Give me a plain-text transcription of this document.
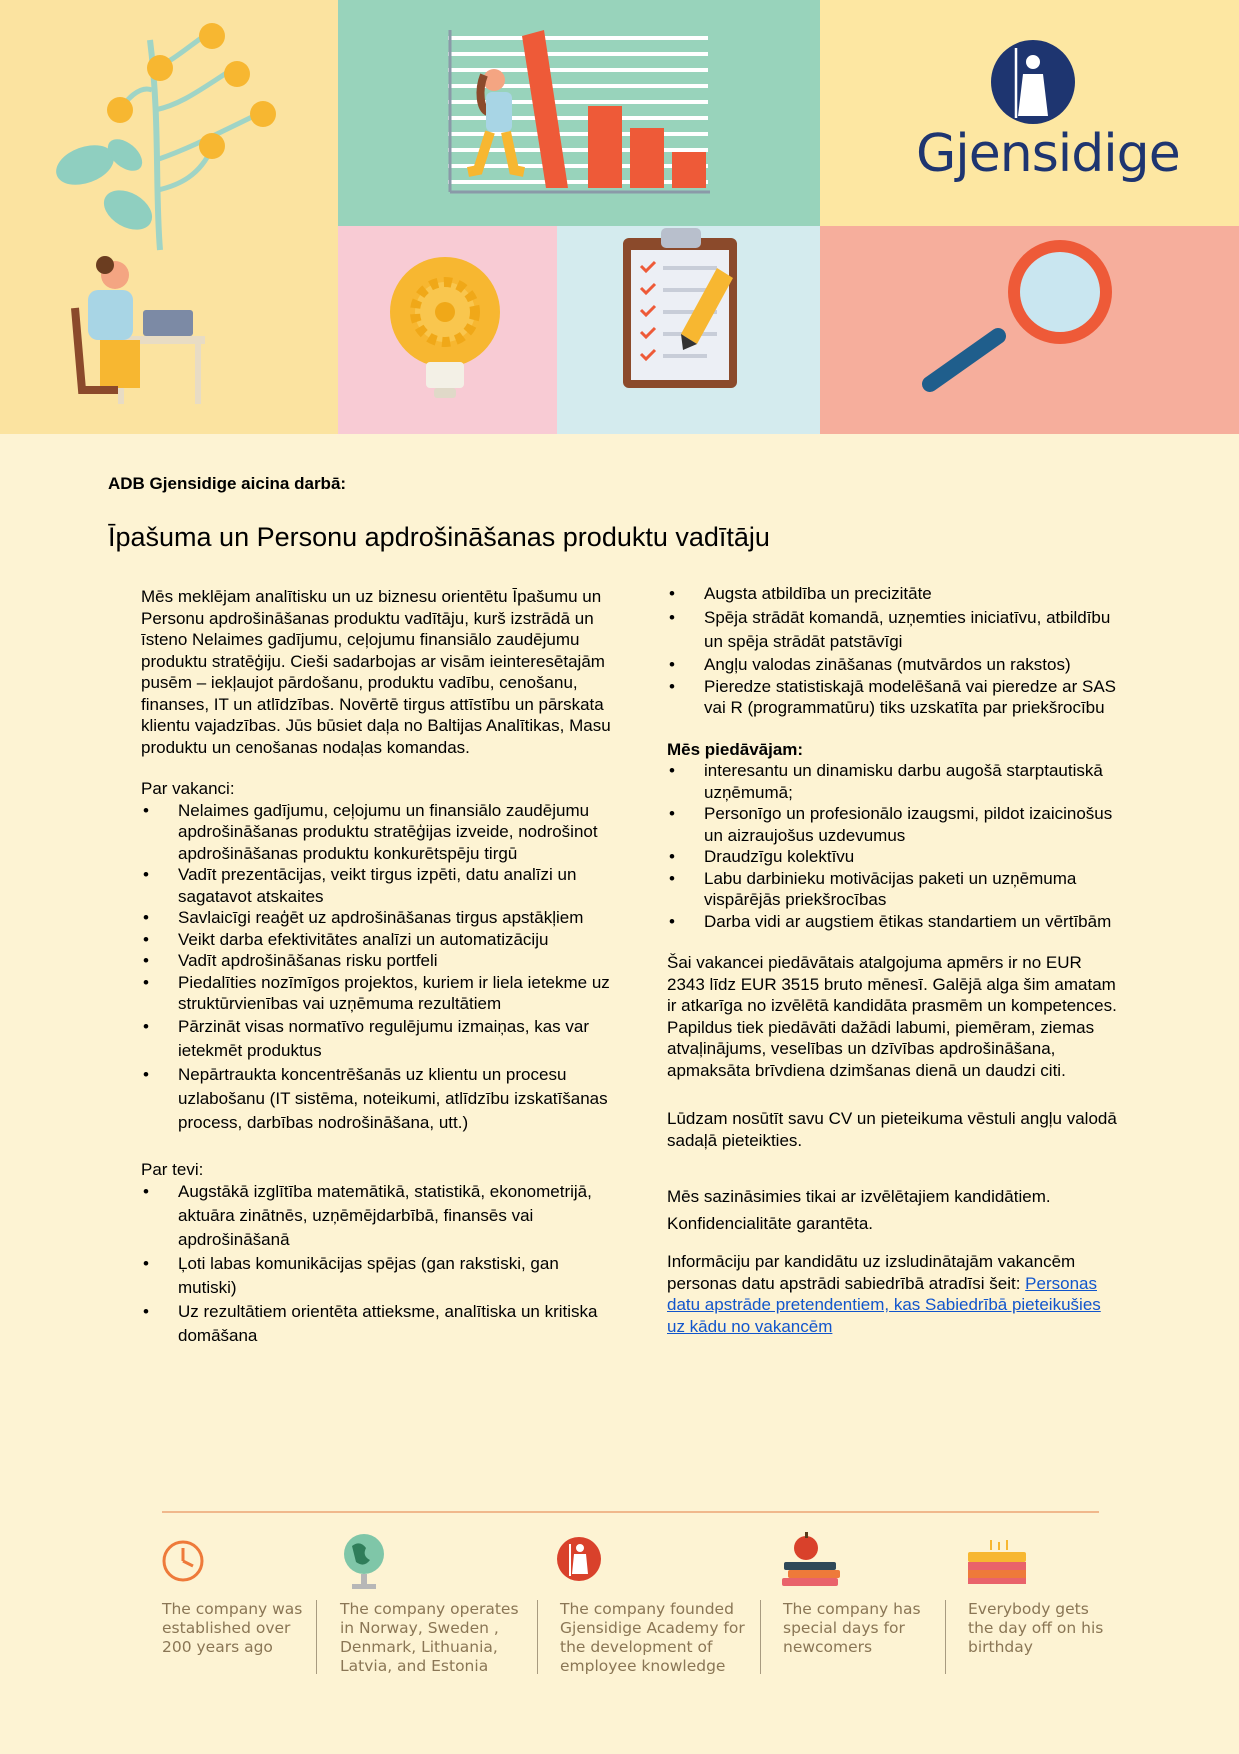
Gjensidige
ADB Gjensidige aicina darbā:
Īpašuma un Personu apdrošināšanas produktu vadītāju

Mēs meklējam analītisku un uz biznesu orientētu Īpašumu un Personu apdrošināšanas produktu vadītāju, kurš izstrādā un īsteno Nelaimes gadījumu, ceļojumu finansiālo zaudējumu produktu stratēģiju. Cieši sadarbojas ar visām ieinteresētajām pusēm – iekļaujot pārdošanu, produktu vadību, cenošanu, finanses, IT un atlīdzības. Novērtē tirgus attīstību un pārskata klientu vajadzības. Jūs būsiet daļa no Baltijas Analītikas, Masu produktu un cenošanas nodaļas komandas.

Par vakanci:

• Nelaimes gadījumu, ceļojumu un finansiālo zaudējumu apdrošināšanas produktu stratēģijas izveide, nodrošinot apdrošināšanas produktu konkurētspēju tirgū
• Vadīt prezentācijas, veikt tirgus izpēti, datu analīzi un sagatavot atskaites
• Savlaicīgi reaģēt uz apdrošināšanas tirgus apstākļiem
• Veikt darba efektivitātes analīzi un automatizāciju
• Vadīt apdrošināšanas risku portfeli
• Piedalīties nozīmīgos projektos, kuriem ir liela ietekme uz struktūrvienības vai uzņēmuma rezultātiem
• Pārzināt visas normatīvo regulējumu izmaiņas, kas var ietekmēt produktus
• Nepārtraukta koncentrēšanās uz klientu un procesu uzlabošanu (IT sistēma, noteikumi, atlīdzību izskatīšanas process, darbības nodrošināšana, utt.)

Par tevi:

• Augstākā izglītība matemātikā, statistikā, ekonometrijā, aktuāra zinātnēs, uzņēmējdarbībā, finansēs vai apdrošināšanā
• Ļoti labas komunikācijas spējas (gan rakstiski, gan mutiski)
• Uz rezultātiem orientēta attieksme, analītiska un kritiska domāšana
• Augsta atbildība un precizitāte
• Spēja strādāt komandā, uzņemties iniciatīvu, atbildību un spēja strādāt patstāvīgi
• Angļu valodas zināšanas (mutvārdos un rakstos)
• Pieredze statistiskajā modelēšanā vai pieredze ar SAS vai R (programmatūru) tiks uzskatīta par priekšrocību

Mēs piedāvājam:

• interesantu un dinamisku darbu augošā starptautiskā uzņēmumā;
• Personīgo un profesionālo izaugsmi, pildot izaicinošus un aizraujošus uzdevumus
• Draudzīgu kolektīvu
• Labu darbinieku motivācijas paketi un uzņēmuma vispārējās priekšrocības
• Darba vidi ar augstiem ētikas standartiem un vērtībām

Šai vakancei piedāvātais atalgojuma apmērs ir no EUR 2343 līdz EUR 3515 bruto mēnesī. Galējā alga šim amatam ir atkarīga no izvēlētā kandidāta prasmēm un kompetences. Papildus tiek piedāvāti dažādi labumi, piemēram, ziemas atvaļinājums, veselības un dzīvības apdrošināšana, apmaksāta brīvdiena dzimšanas dienā un daudzi citi.

Lūdzam nosūtīt savu CV un pieteikuma vēstuli angļu valodā sadaļā pieteikties.

Mēs sazināsimies tikai ar izvēlētajiem kandidātiem. Konfidencialitāte garantēta.

Informāciju par kandidātu uz izsludinātajām vakancēm personas datu apstrādi sabiedrībā atradīsi šeit: Personas datu apstrāde pretendentiem, kas Sabiedrībā pieteikušies uz kādu no vakancēm

The company was established over 200 years ago
The company operates in Norway, Sweden , Denmark, Lithuania, Latvia, and Estonia
The company founded Gjensidige Academy for the development of employee knowledge
The company has special days for newcomers
Everybody gets the day off on his birthday
